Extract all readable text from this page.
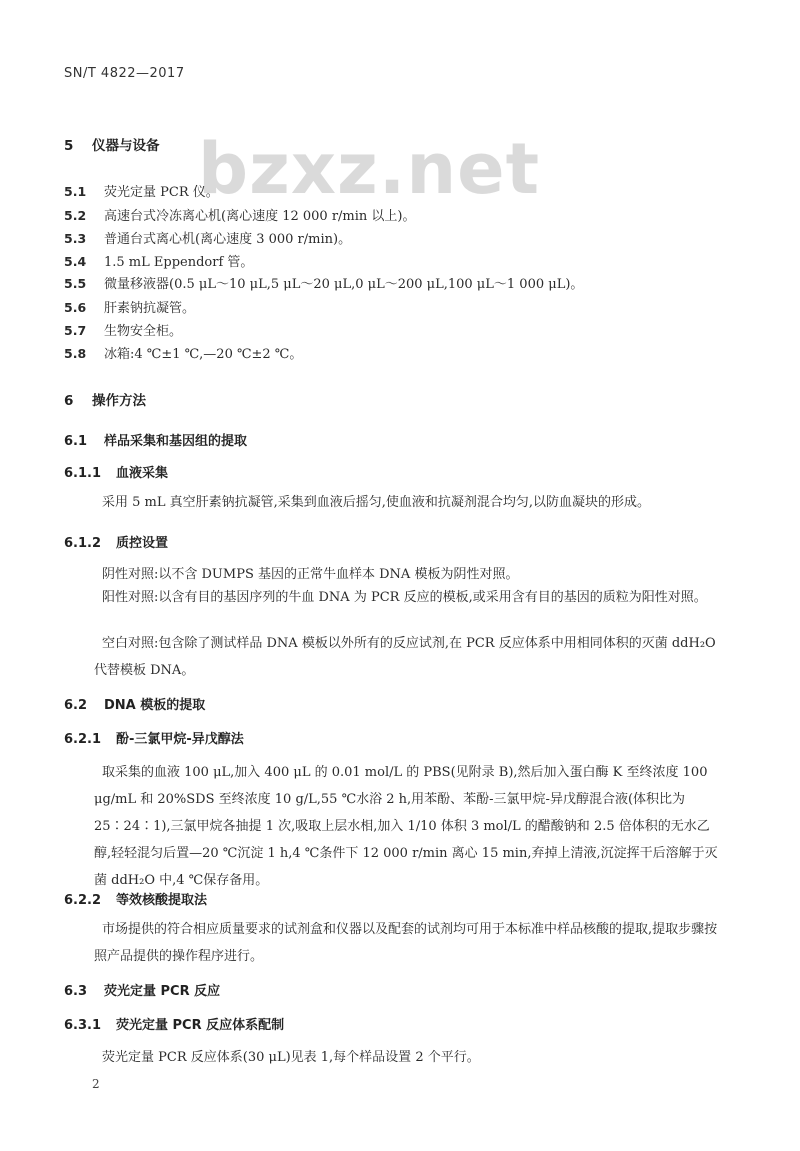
SN/T 4822—2017
bzxz.net
5 仪器与设备
5.1 荧光定量 PCR 仪。
5.2 高速台式冷冻离心机(离心速度 12 000 r/min 以上)。
5.3 普通台式离心机(离心速度 3 000 r/min)。
5.4 1.5 mL Eppendorf 管。
5.5 微量移液器(0.5 μL～10 μL,5 μL～20 μL,0 μL～200 μL,100 μL～1 000 μL)。
5.6 肝素钠抗凝管。
5.7 生物安全柜。
5.8 冰箱:4 ℃±1 ℃,—20 ℃±2 ℃。
6 操作方法
6.1 样品采集和基因组的提取
6.1.1 血液采集
采用 5 mL 真空肝素钠抗凝管,采集到血液后摇匀,使血液和抗凝剂混合均匀,以防血凝块的形成。
6.1.2 质控设置
阴性对照:以不含 DUMPS 基因的正常牛血样本 DNA 模板为阴性对照。
阳性对照:以含有目的基因序列的牛血 DNA 为 PCR 反应的模板,或采用含有目的基因的质粒为阳性对照。
空白对照:包含除了测试样品 DNA 模板以外所有的反应试剂,在 PCR 反应体系中用相同体积的灭菌 ddH₂O 代替模板 DNA。
6.2 DNA 模板的提取
6.2.1 酚-三氯甲烷-异戊醇法
取采集的血液 100 μL,加入 400 μL 的 0.01 mol/L 的 PBS(见附录 B),然后加入蛋白酶 K 至终浓度 100 μg/mL 和 20%SDS 至终浓度 10 g/L,55 ℃水浴 2 h,用苯酚、苯酚-三氯甲烷-异戊醇混合液(体积比为 25∶24∶1),三氯甲烷各抽提 1 次,吸取上层水相,加入 1/10 体积 3 mol/L 的醋酸钠和 2.5 倍体积的无水乙醇,轻轻混匀后置—20 ℃沉淀 1 h,4 ℃条件下 12 000 r/min 离心 15 min,弃掉上清液,沉淀挥干后溶解于灭菌 ddH₂O 中,4 ℃保存备用。
6.2.2 等效核酸提取法
市场提供的符合相应质量要求的试剂盒和仪器以及配套的试剂均可用于本标准中样品核酸的提取,提取步骤按照产品提供的操作程序进行。
6.3 荧光定量 PCR 反应
6.3.1 荧光定量 PCR 反应体系配制
荧光定量 PCR 反应体系(30 μL)见表 1,每个样品设置 2 个平行。
2
